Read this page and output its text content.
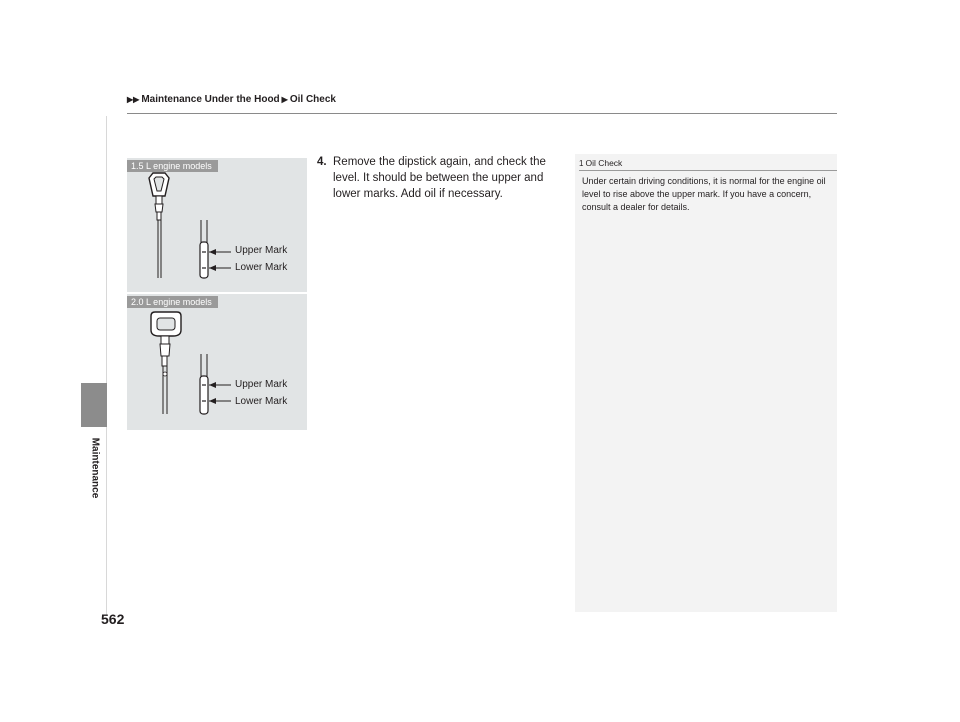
▶▶ Maintenance Under the Hood ▶ Oil Check
Maintenance
562
1.5 L engine models
Upper Mark
Lower Mark
2.0 L engine models
Upper Mark
Lower Mark
4. Remove the dipstick again, and check the level. It should be between the upper and lower marks. Add oil if necessary.
1 Oil Check
Under certain driving conditions, it is normal for the engine oil level to rise above the upper mark. If you have a concern, consult a dealer for details.
